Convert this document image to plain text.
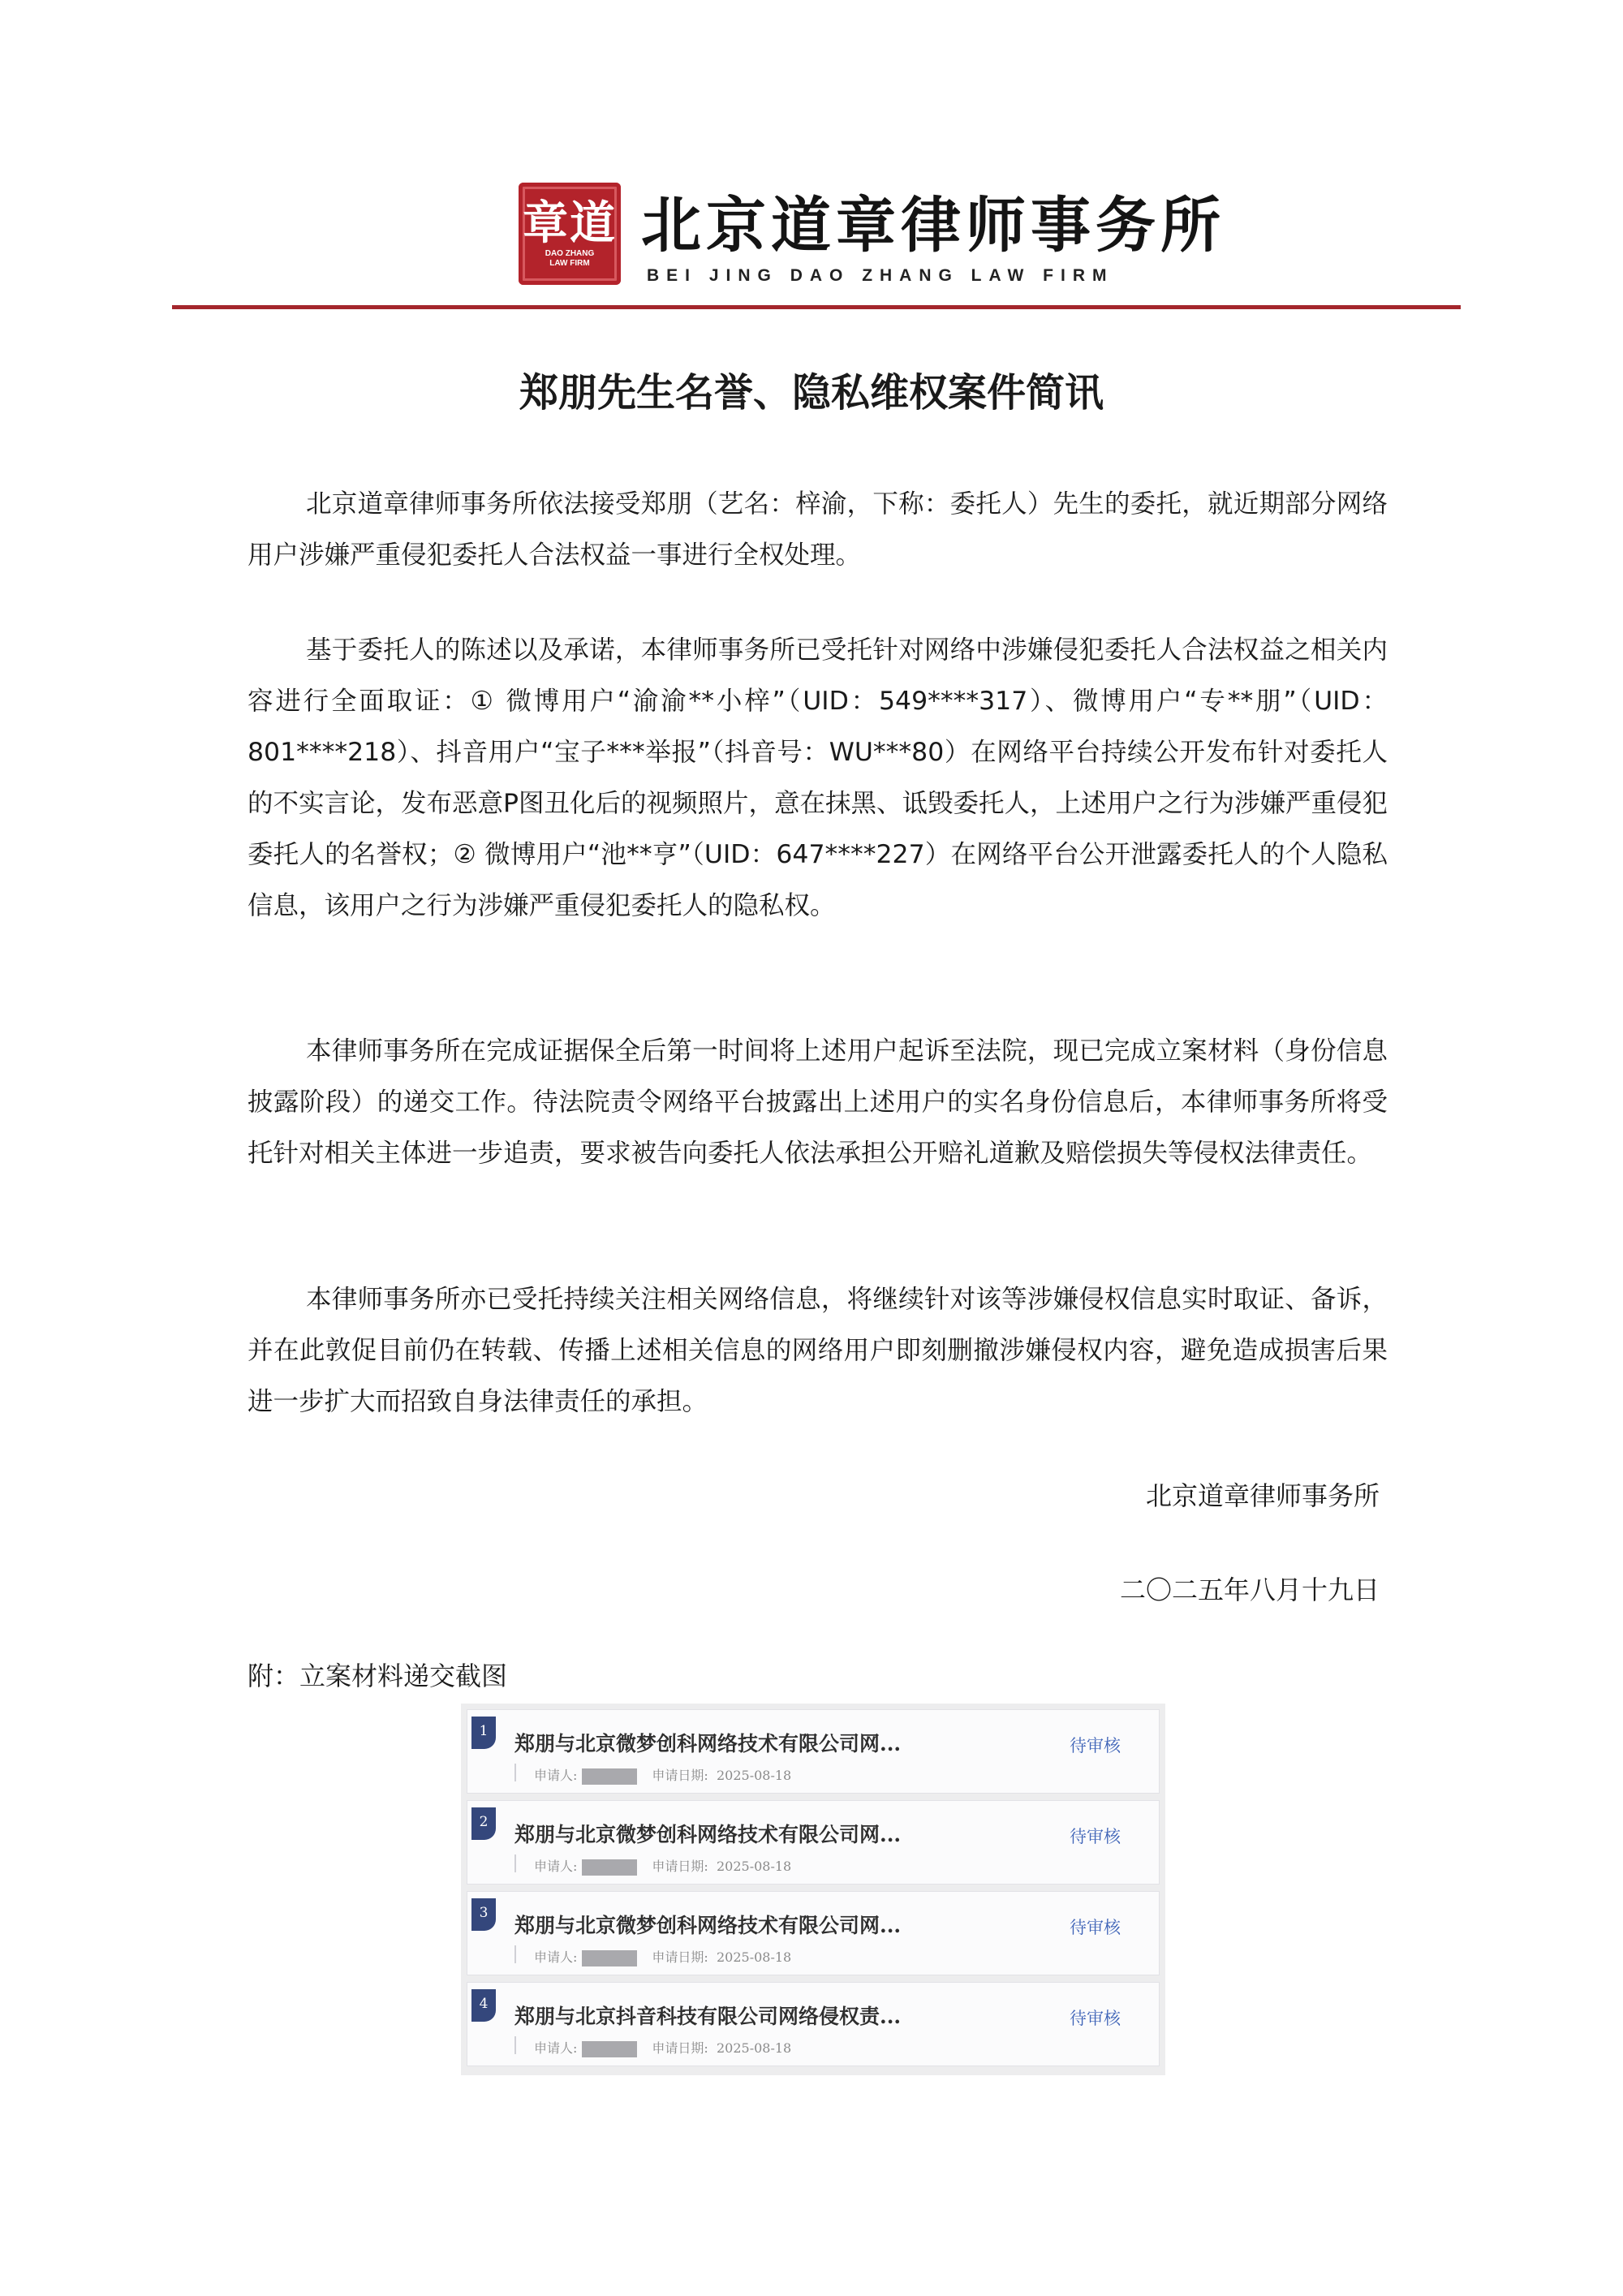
章道
DAO ZHANG
LAW FIRM
北京道章律师事务所
BEI JING DAO ZHANG LAW FIRM
郑朋先生名誉、隐私维权案件简讯

北京道章律师事务所依法接受郑朋（艺名：梓渝，下称：委托人）先生的委托，就近期部分网络用户涉嫌严重侵犯委托人合法权益一事进行全权处理。

基于委托人的陈述以及承诺，本律师事务所已受托针对网络中涉嫌侵犯委托人合法权益之相关内容进行全面取证：① 微博用户“渝渝**小梓”（UID：549****317）、微博用户“专**朋”（UID：801****218）、抖音用户“宝子***举报”（抖音号：WU***80）在网络平台持续公开发布针对委托人的不实言论，发布恶意P图丑化后的视频照片，意在抹黑、诋毁委托人，上述用户之行为涉嫌严重侵犯委托人的名誉权；② 微博用户“池**亨”（UID：647****227）在网络平台公开泄露委托人的个人隐私信息，该用户之行为涉嫌严重侵犯委托人的隐私权。

本律师事务所在完成证据保全后第一时间将上述用户起诉至法院，现已完成立案材料（身份信息披露阶段）的递交工作。待法院责令网络平台披露出上述用户的实名身份信息后，本律师事务所将受托针对相关主体进一步追责，要求被告向委托人依法承担公开赔礼道歉及赔偿损失等侵权法律责任。

本律师事务所亦已受托持续关注相关网络信息，将继续针对该等涉嫌侵权信息实时取证、备诉，并在此敦促目前仍在转载、传播上述相关信息的网络用户即刻删撤涉嫌侵权内容，避免造成损害后果进一步扩大而招致自身法律责任的承担。

北京道章律师事务所
二〇二五年八月十九日
附：立案材料递交截图
1
郑朋与北京微梦创科网络技术有限公司网...
申请人:	申请日期: 2025-08-18
待审核
2
郑朋与北京微梦创科网络技术有限公司网...
申请人:	申请日期: 2025-08-18
待审核
3
郑朋与北京微梦创科网络技术有限公司网...
申请人:	申请日期: 2025-08-18
待审核
4
郑朋与北京抖音科技有限公司网络侵权责...
申请人:	申请日期: 2025-08-18
待审核
